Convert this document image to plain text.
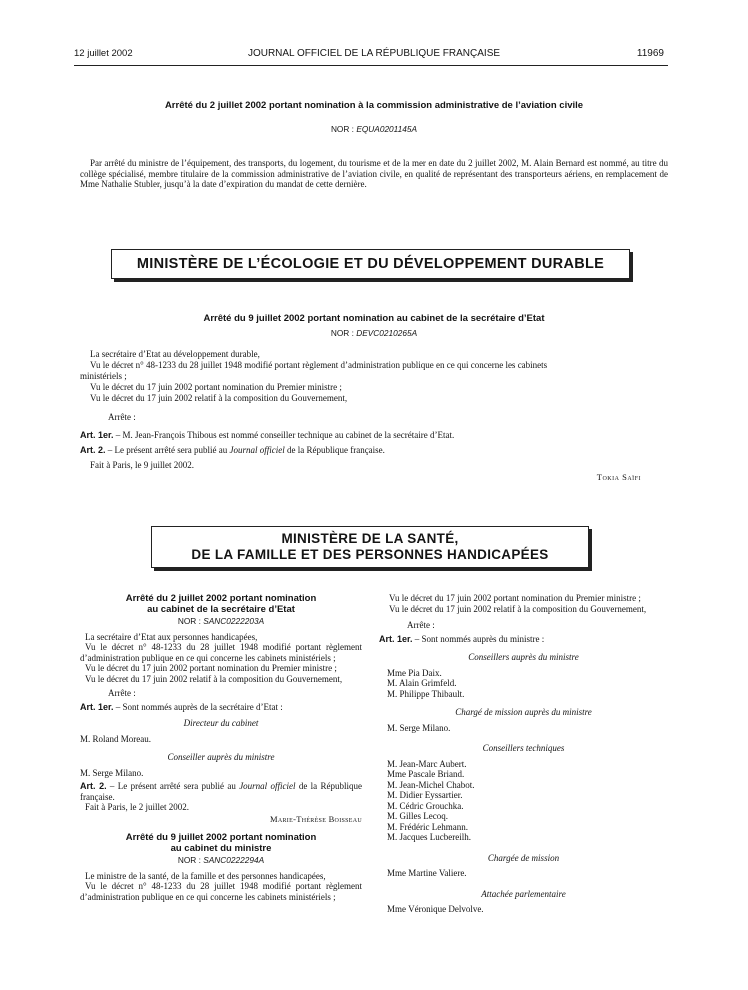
12 juillet 2002	JOURNAL OFFICIEL DE LA RÉPUBLIQUE FRANÇAISE	11969
Arrêté du 2 juillet 2002 portant nomination à la commission administrative de l’aviation civile
NOR : EQUA0201145A
Par arrêté du ministre de l’équipement, des transports, du logement, du tourisme et de la mer en date du 2 juillet 2002, M. Alain Bernard est nommé, au titre du collège spécialisé, membre titulaire de la commission administrative de l’aviation civile, en qualité de représentant des transporteurs aériens, en remplacement de Mme Nathalie Stubler, jusqu’à la date d’expiration du mandat de cette dernière.
MINISTÈRE DE L’ÉCOLOGIE ET DU DÉVELOPPEMENT DURABLE
Arrêté du 9 juillet 2002 portant nomination au cabinet de la secrétaire d’Etat
NOR : DEVC0210265A
La secrétaire d’Etat au développement durable,
Vu le décret n° 48-1233 du 28 juillet 1948 modifié portant règlement d’administration publique en ce qui concerne les cabinets
ministériels ;
Vu le décret du 17 juin 2002 portant nomination du Premier ministre ;
Vu le décret du 17 juin 2002 relatif à la composition du Gouvernement,
Arrête :
Art. 1er. – M. Jean-François Thibous est nommé conseiller technique au cabinet de la secrétaire d’Etat.
Art. 2. – Le présent arrêté sera publié au Journal officiel de la République française.
Fait à Paris, le 9 juillet 2002.
Tokia Saïfi
MINISTÈRE DE LA SANTÉ,
DE LA FAMILLE ET DES PERSONNES HANDICAPÉES
Arrêté du 2 juillet 2002 portant nomination
au cabinet de la secrétaire d’Etat
NOR : SANC0222203A

La secrétaire d’Etat aux personnes handicapées,

Vu le décret n° 48-1233 du 28 juillet 1948 modifié portant règlement d’administration publique en ce qui concerne les cabinets ministériels ;

Vu le décret du 17 juin 2002 portant nomination du Premier ministre ;

Vu le décret du 17 juin 2002 relatif à la composition du Gouvernement,

Arrête :

Art. 1er. – Sont nommés auprès de la secrétaire d’Etat :

Directeur du cabinet

M. Roland Moreau.

Conseiller auprès du ministre

M. Serge Milano.

Art. 2. – Le présent arrêté sera publié au Journal officiel de la République française.

Fait à Paris, le 2 juillet 2002.

Marie-Thérèse Boisseau

Arrêté du 9 juillet 2002 portant nomination
au cabinet du ministre
NOR : SANC0222294A

Le ministre de la santé, de la famille et des personnes handicapées,

Vu le décret n° 48-1233 du 28 juillet 1948 modifié portant règlement d’administration publique en ce qui concerne les cabinets ministériels ;

Vu le décret du 17 juin 2002 portant nomination du Premier ministre ;

Vu le décret du 17 juin 2002 relatif à la composition du Gouvernement,

Arrête :

Art. 1er. – Sont nommés auprès du ministre :

Conseillers auprès du ministre

Mme Pia Daix.

M. Alain Grimfeld.

M. Philippe Thibault.

Chargé de mission auprès du ministre

M. Serge Milano.

Conseillers techniques

M. Jean-Marc Aubert.

Mme Pascale Briand.

M. Jean-Michel Chabot.

M. Didier Eyssartier.

M. Cédric Grouchka.

M. Gilles Lecoq.

M. Frédéric Lehmann.

M. Jacques Lucbereilh.

Chargée de mission

Mme Martine Valiere.

Attachée parlementaire

Mme Véronique Delvolve.
